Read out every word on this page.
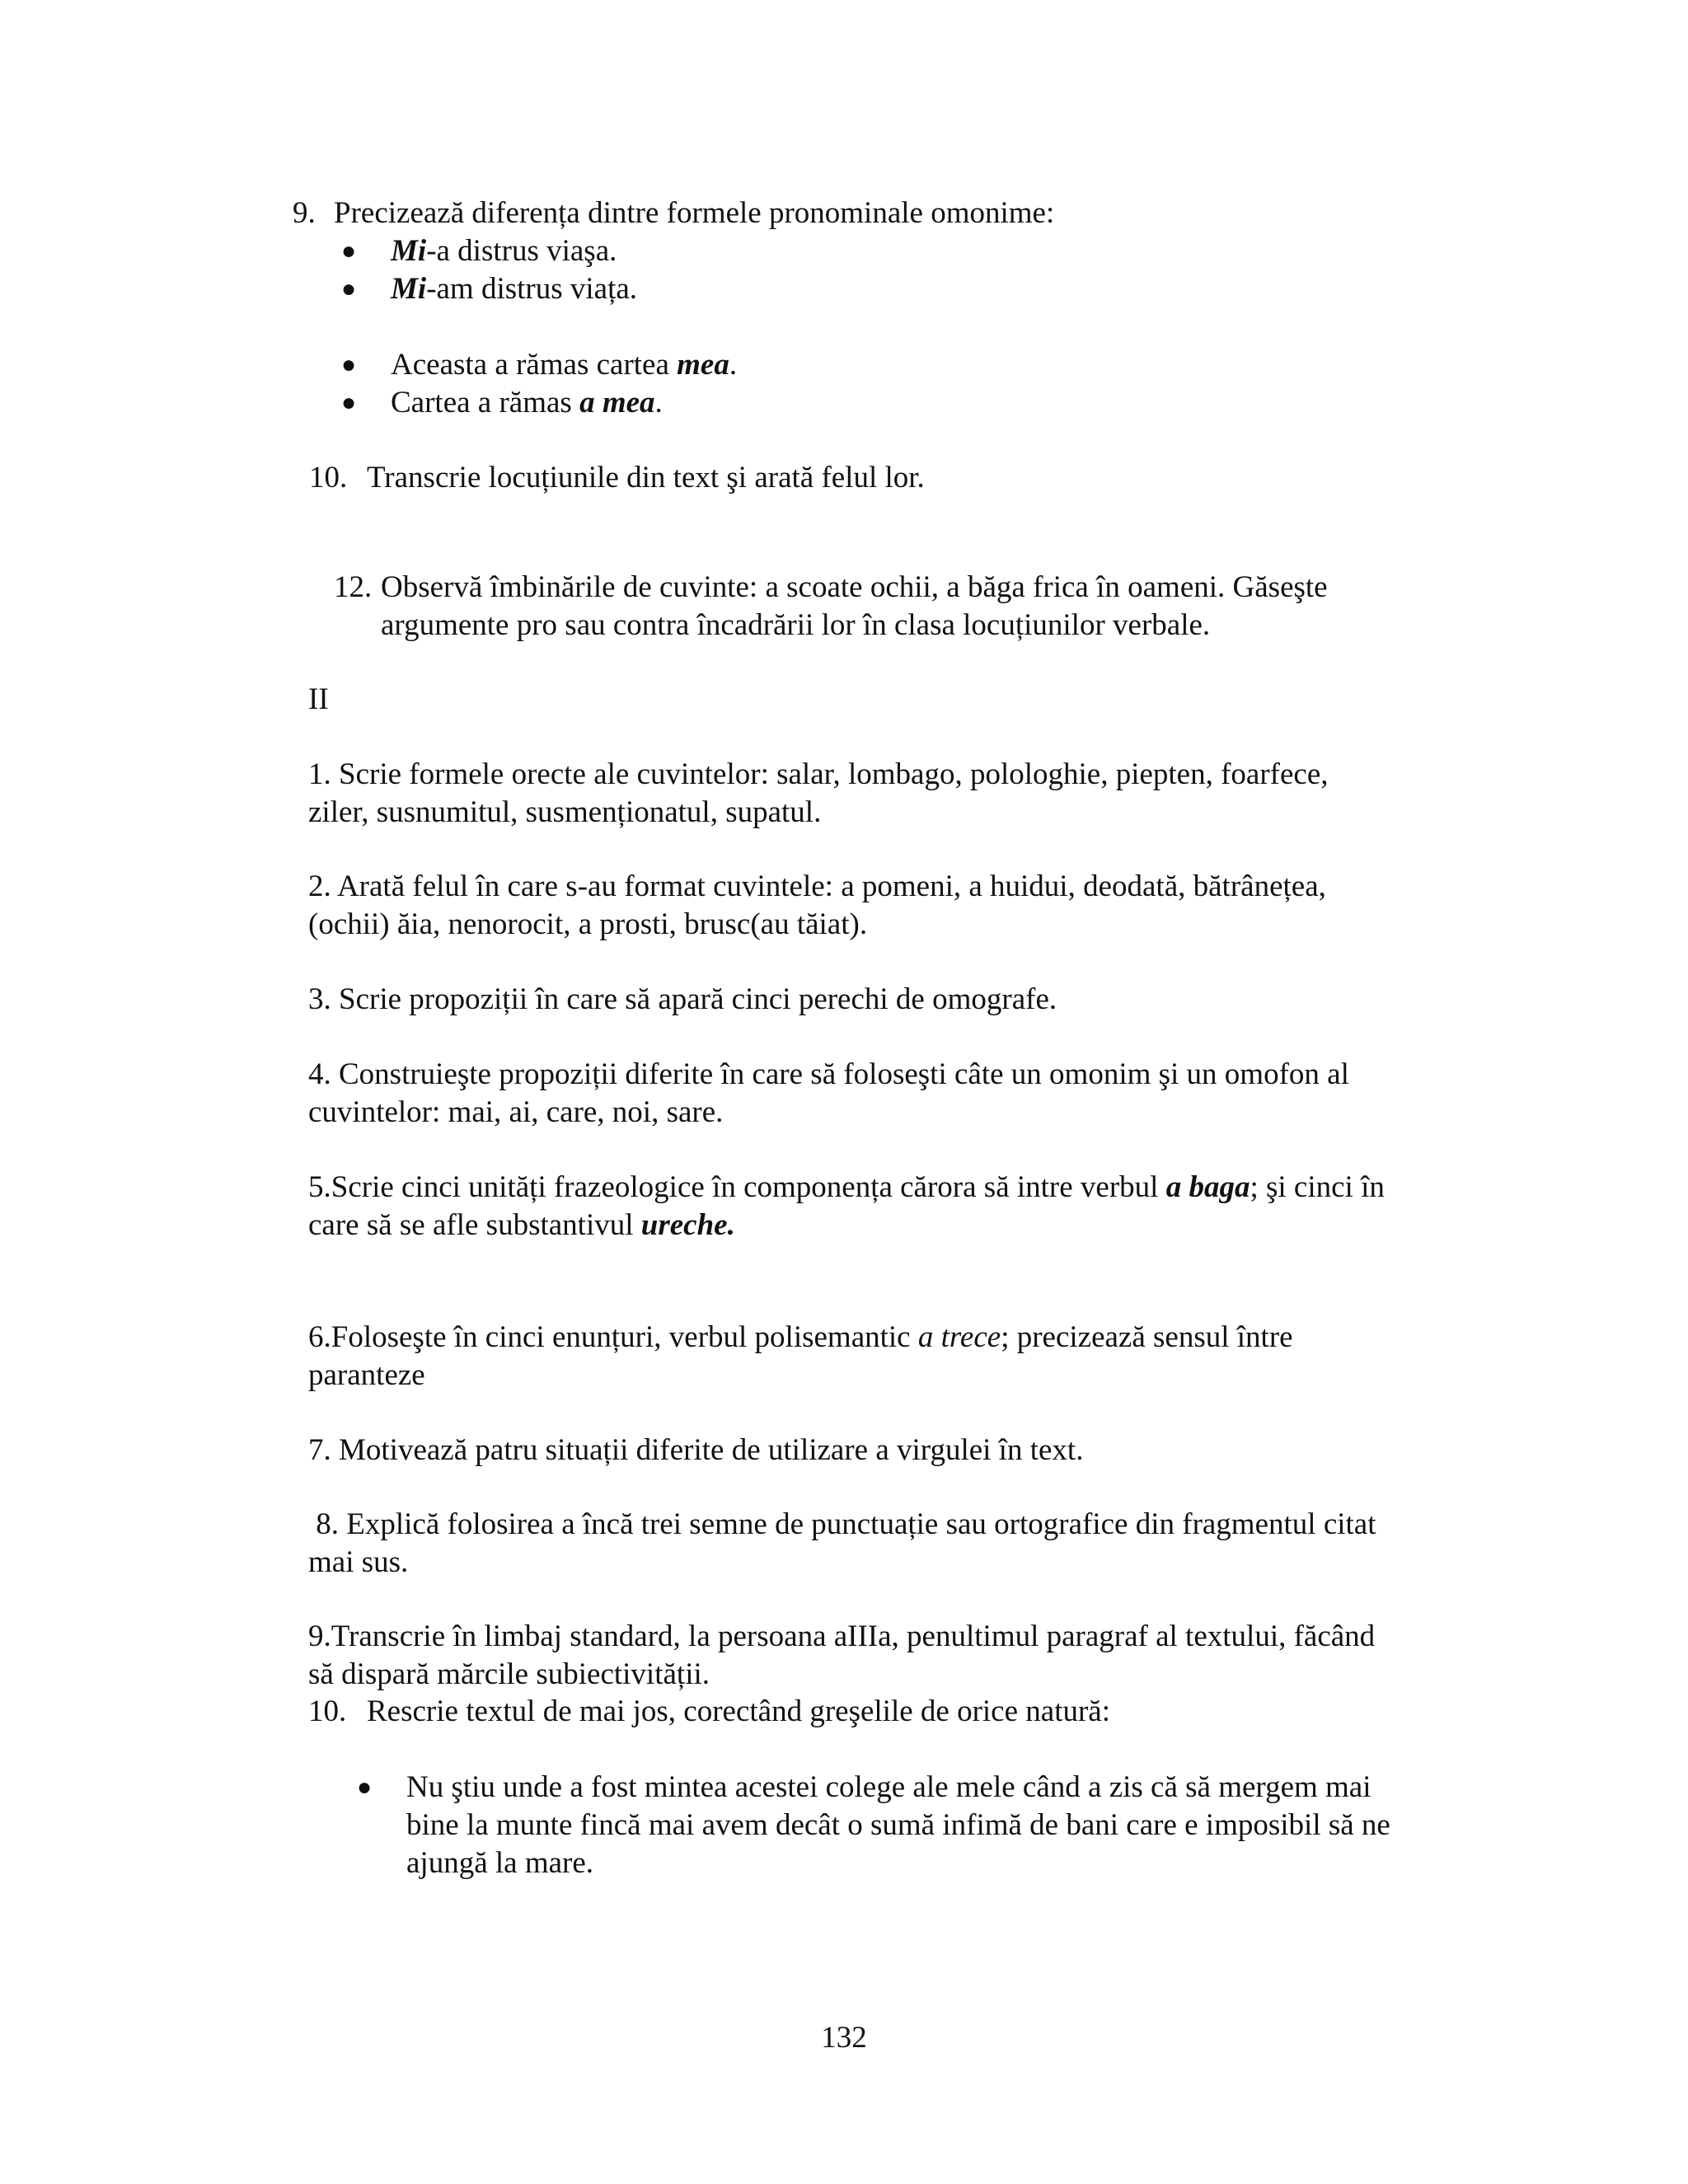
9. Precizează diferența dintre formele pronominale omonime:
● Mi-a distrus viaşa.

● Mi-am distrus viața.

● Aceasta a rămas cartea mea.

● Cartea a rămas a mea.

10. Transcrie locuțiunile din text şi arată felul lor.
12. Observă îmbinările de cuvinte: a scoate ochii, a băga frica în oameni. Găseşte
argumente pro sau contra încadrării lor în clasa locuțiunilor verbale.

II

1. Scrie formele orecte ale cuvintelor: salar, lombago, polologhie, piepten, foarfece,

ziler, susnumitul, susmenționatul, supatul.

2. Arată felul în care s-au format cuvintele: a pomeni, a huidui, deodată, bătrânețea,

(ochii) ăia, nenorocit, a prosti, brusc(au tăiat).

3. Scrie propoziții în care să apară cinci perechi de omografe.

4. Construieşte propoziții diferite în care să foloseşti câte un omonim şi un omofon al

cuvintelor: mai, ai, care, noi, sare.

5.Scrie cinci unități frazeologice în componența cărora să intre verbul a baga; şi cinci în

care să se afle substantivul ureche.

6.Foloseşte în cinci enunțuri, verbul polisemantic a trece; precizează sensul între

paranteze

7. Motivează patru situații diferite de utilizare a virgulei în text.

8. Explică folosirea a încă trei semne de punctuație sau ortografice din fragmentul citat

mai sus.

9.Transcrie în limbaj standard, la persoana aIIIa, penultimul paragraf al textului, făcând

să dispară mărcile subiectivității.

10. Rescrie textul de mai jos, corectând greşelile de orice natură:
● Nu ştiu unde a fost mintea acestei colege ale mele când a zis că să mergem mai

bine la munte fincă mai avem decât o sumă infimă de bani care e imposibil să ne

ajungă la mare.

132
